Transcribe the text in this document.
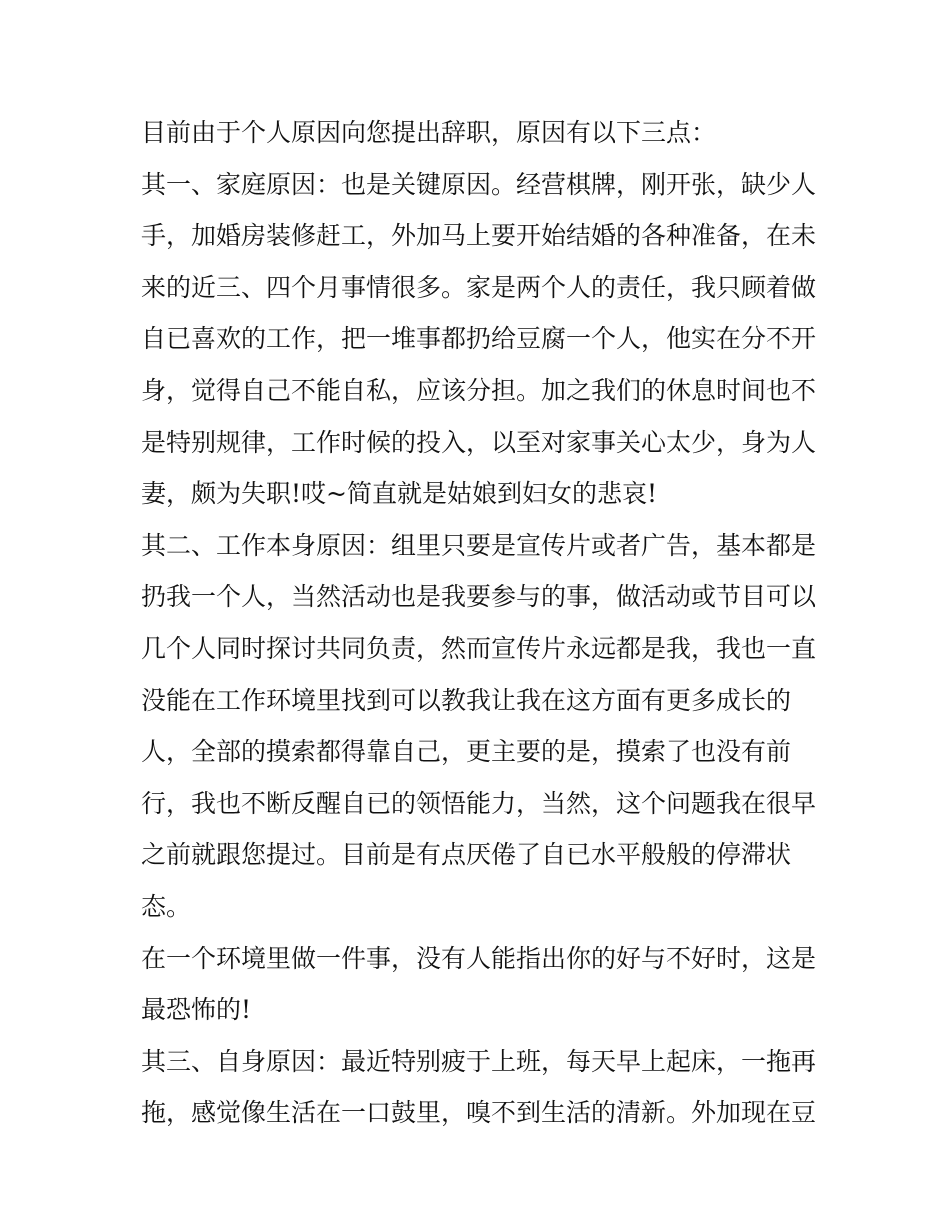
目前由于个人原因向您提出辞职，原因有以下三点：
其一、家庭原因：也是关键原因。经营棋牌，刚开张，缺少人
手，加婚房装修赶工，外加马上要开始结婚的各种准备，在未
来的近三、四个月事情很多。家是两个人的责任，我只顾着做
自已喜欢的工作，把一堆事都扔给豆腐一个人，他实在分不开
身，觉得自己不能自私，应该分担。加之我们的休息时间也不
是特别规律，工作时候的投入，以至对家事关心太少，身为人
妻，颇为失职!哎~简直就是姑娘到妇女的悲哀!
其二、工作本身原因：组里只要是宣传片或者广告，基本都是
扔我一个人，当然活动也是我要参与的事，做活动或节目可以
几个人同时探讨共同负责，然而宣传片永远都是我，我也一直
没能在工作环境里找到可以教我让我在这方面有更多成长的
人，全部的摸索都得靠自己，更主要的是，摸索了也没有前
行，我也不断反醒自已的领悟能力，当然，这个问题我在很早
之前就跟您提过。目前是有点厌倦了自已水平般般的停滞状
态。
在一个环境里做一件事，没有人能指出你的好与不好时，这是
最恐怖的!
其三、自身原因：最近特别疲于上班，每天早上起床，一拖再
拖，感觉像生活在一口鼓里，嗅不到生活的清新。外加现在豆
